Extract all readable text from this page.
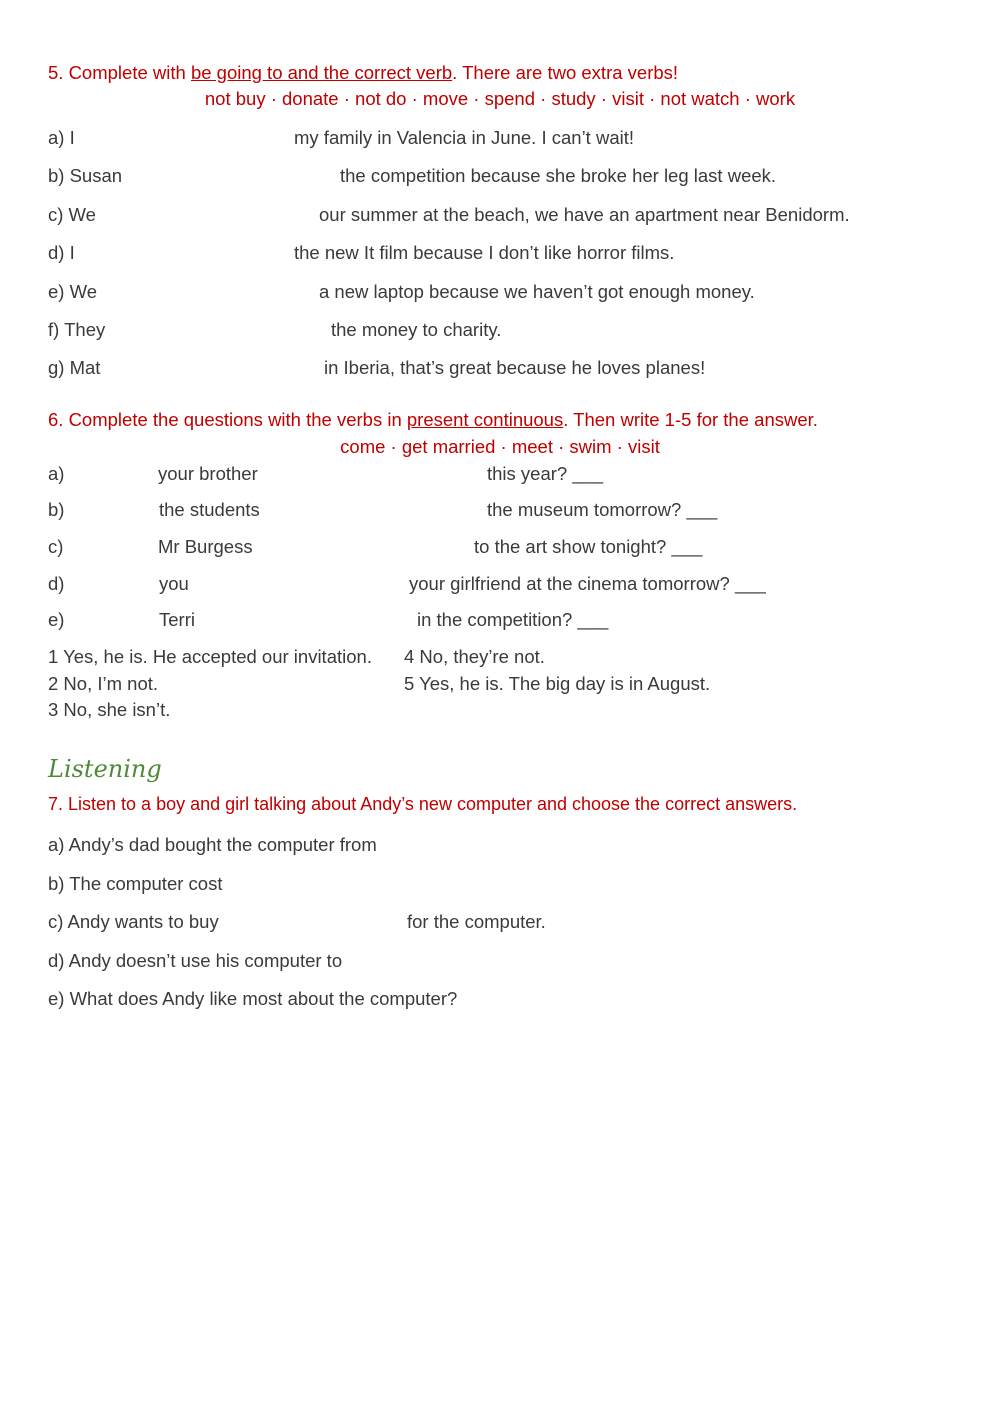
5. Complete with be going to and the correct verb. There are two extra verbs!
not buy · donate · not do · move · spend · study · visit · not watch · work
a) I	my family in Valencia in June. I can’t wait!
b) Susan	the competition because she broke her leg last week.
c) We	our summer at the beach, we have an apartment near Benidorm.
d) I	the new It film because I don’t like horror films.
e) We	a new laptop because we haven’t got enough money.
f) They	the money to charity.
g) Mat	in Iberia, that’s great because he loves planes!
6. Complete the questions with the verbs in present continuous. Then write 1-5 for the answer.
come · get married · meet · swim · visit
a)	your brother	this year? ___
b)	the students	the museum tomorrow? ___
c)	Mr Burgess	to the art show tonight? ___
d)	you	your girlfriend at the cinema tomorrow? ___
e)	Terri	in the competition? ___
1 Yes, he is. He accepted our invitation.
2 No, I’m not.
3 No, she isn’t.
4 No, they’re not.
5 Yes, he is. The big day is in August.
Listening
7. Listen to a boy and girl talking about Andy’s new computer and choose the correct answers.
a) Andy’s dad bought the computer from
b) The computer cost
c) Andy wants to buy	for the computer.
d) Andy doesn’t use his computer to
e) What does Andy like most about the computer?
